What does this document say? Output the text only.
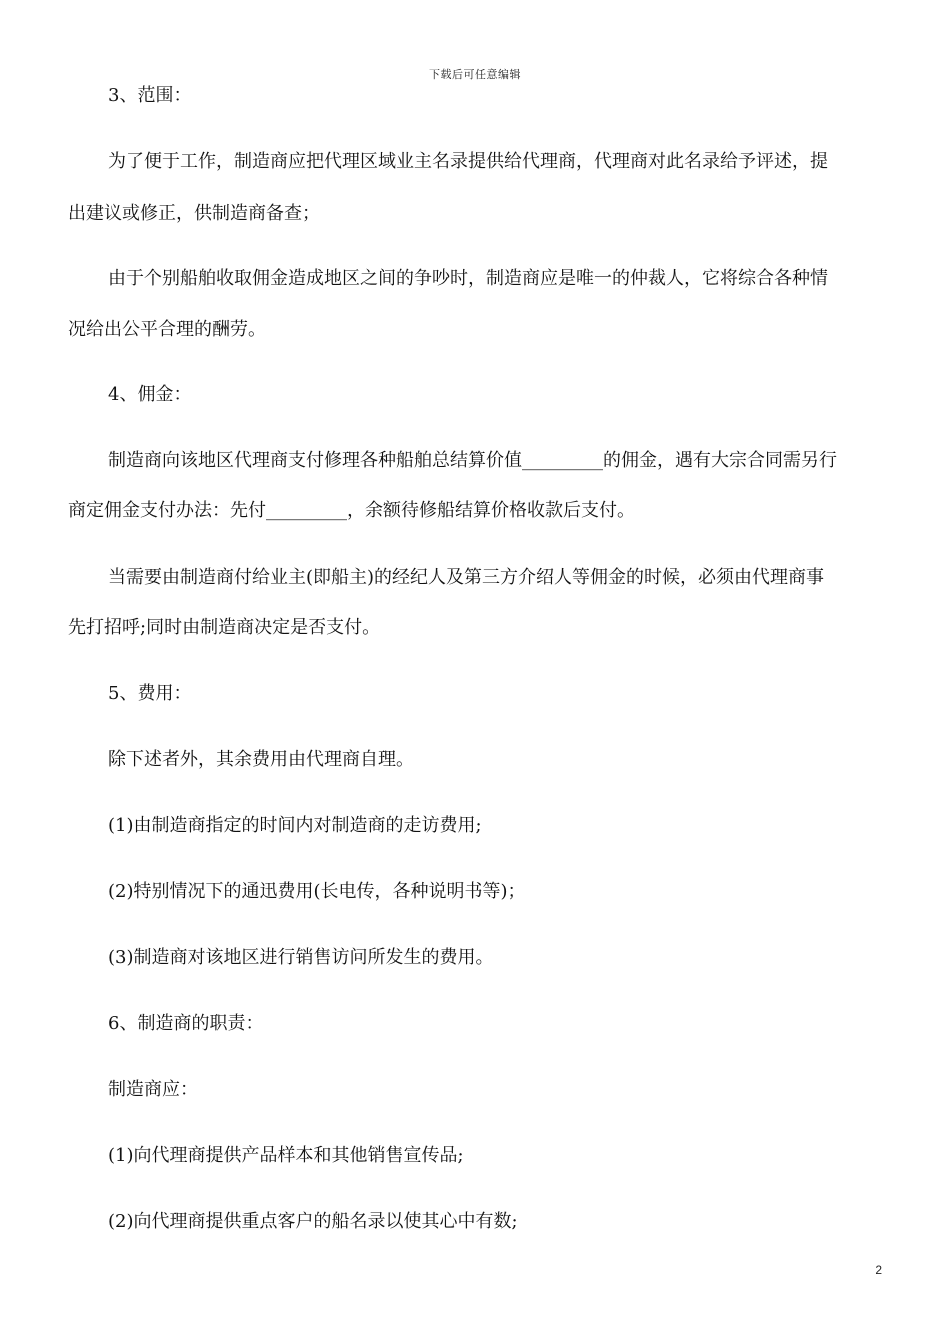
下载后可任意编辑
3、范围：
为了便于工作，制造商应把代理区域业主名录提供给代理商，代理商对此名录给予评述，提
出建议或修正，供制造商备查；
由于个别船舶收取佣金造成地区之间的争吵时，制造商应是唯一的仲裁人，它将综合各种情
况给出公平合理的酬劳。
4、佣金：
制造商向该地区代理商支付修理各种船舶总结算价值_________的佣金，遇有大宗合同需另行
商定佣金支付办法：先付_________，余额待修船结算价格收款后支付。
当需要由制造商付给业主(即船主)的经纪人及第三方介绍人等佣金的时候，必须由代理商事
先打招呼;同时由制造商决定是否支付。
5、费用：
除下述者外，其余费用由代理商自理。
(1)由制造商指定的时间内对制造商的走访费用;
(2)特别情况下的通迅费用(长电传，各种说明书等)；
(3)制造商对该地区进行销售访问所发生的费用。
6、制造商的职责：
制造商应：
(1)向代理商提供产品样本和其他销售宣传品;
(2)向代理商提供重点客户的船名录以使其心中有数;
2
